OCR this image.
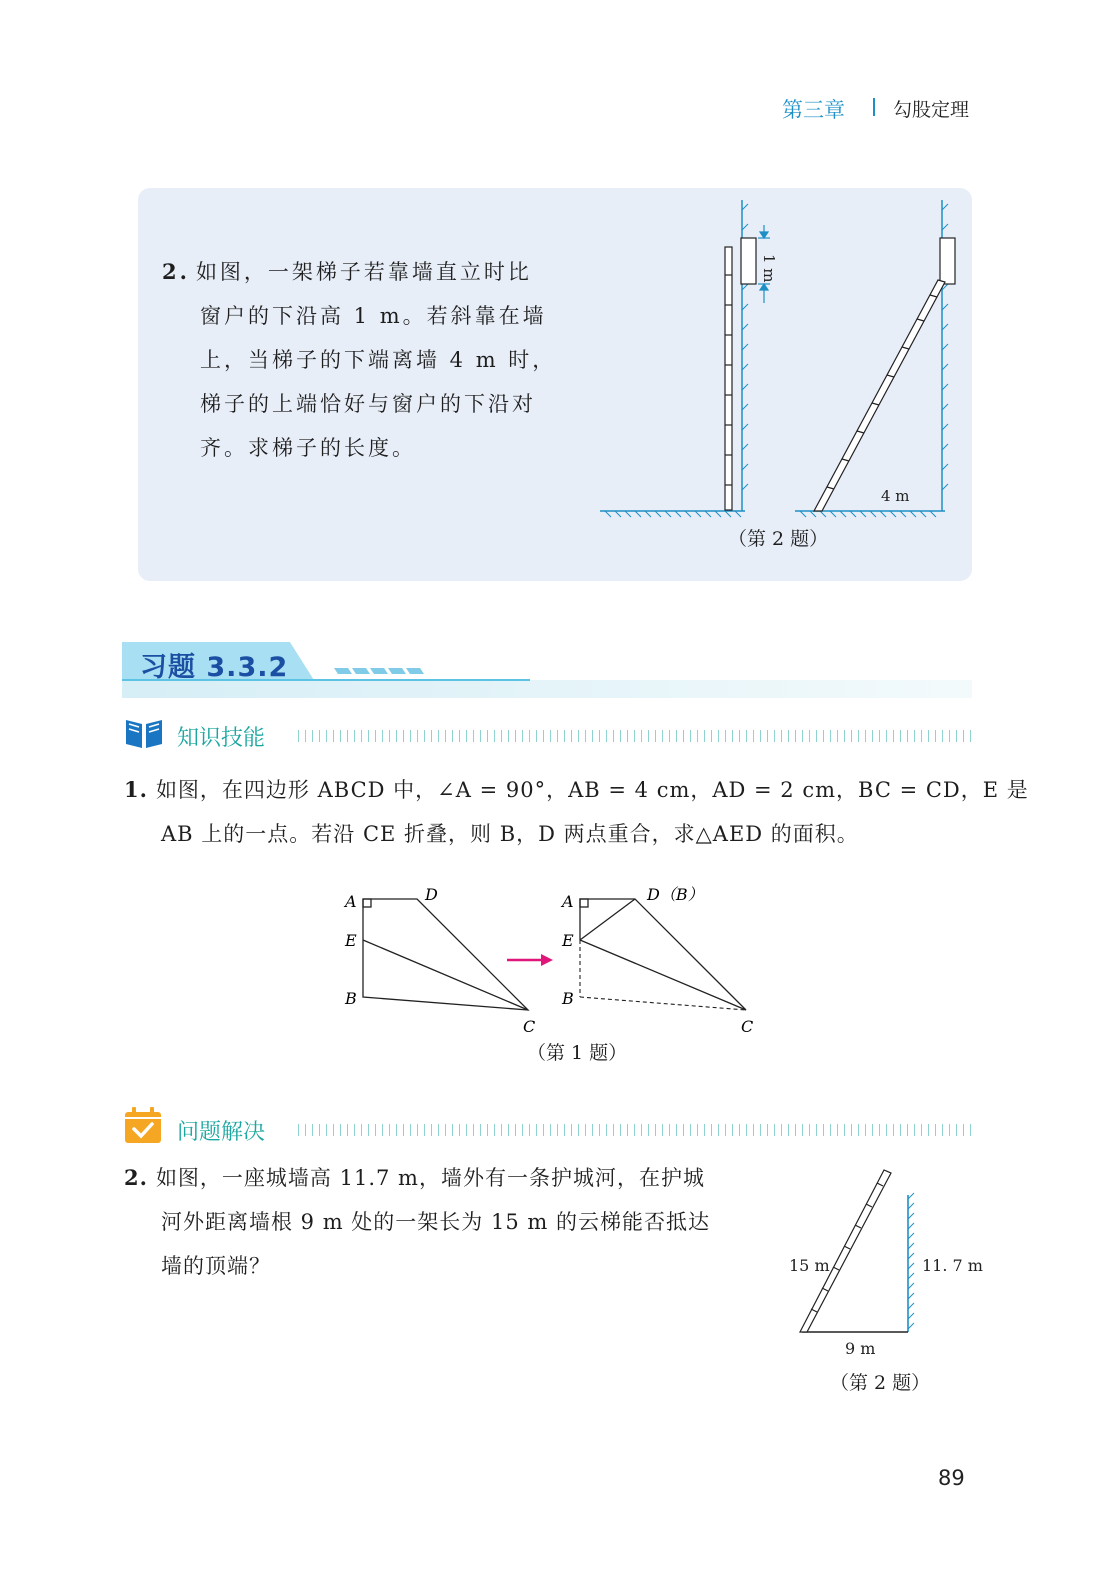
第三章	勾股定理
2. 如图，一架梯子若靠墙直立时比
窗户的下沿高 1 m。若斜靠在墙
上，当梯子的下端离墙 4 m 时，
梯子的上端恰好与窗户的下沿对
齐。求梯子的长度。
1 m
4 m
（第 2 题）
习题 3.3.2
知识技能
1. 如图，在四边形 ABCD 中，∠A = 90°，AB = 4 cm，AD = 2 cm，BC = CD，E 是
AB 上的一点。若沿 CE 折叠，则 B，D 两点重合，求△AED 的面积。
A	D
E
B
C
A	D（B）
E
B
C
（第 1 题）
问题解决
2. 如图，一座城墙高 11.7 m，墙外有一条护城河，在护城
河外距离墙根 9 m 处的一架长为 15 m 的云梯能否抵达
墙的顶端？	15 m	11. 7 m
9 m
（第 2 题）
89
